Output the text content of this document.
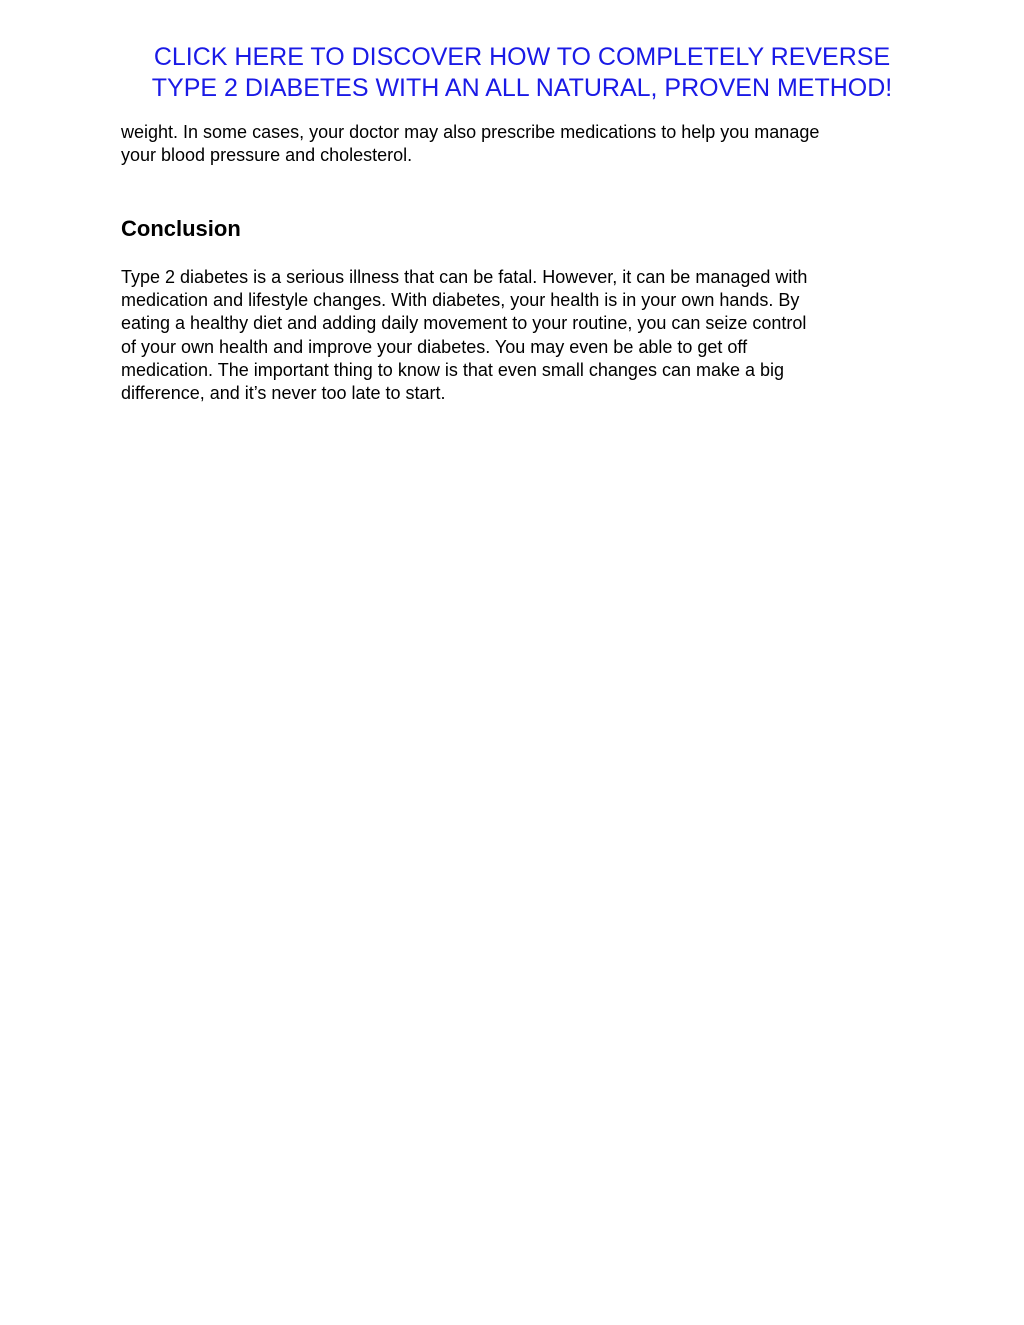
CLICK HERE TO DISCOVER HOW TO COMPLETELY REVERSE
TYPE 2 DIABETES WITH AN ALL NATURAL, PROVEN METHOD!

weight. In some cases, your doctor may also prescribe medications to help you manage
your blood pressure and cholesterol.

Conclusion

Type 2 diabetes is a serious illness that can be fatal. However, it can be managed with
medication and lifestyle changes. With diabetes, your health is in your own hands. By
eating a healthy diet and adding daily movement to your routine, you can seize control
of your own health and improve your diabetes. You may even be able to get off
medication. The important thing to know is that even small changes can make a big
difference, and it’s never too late to start.
